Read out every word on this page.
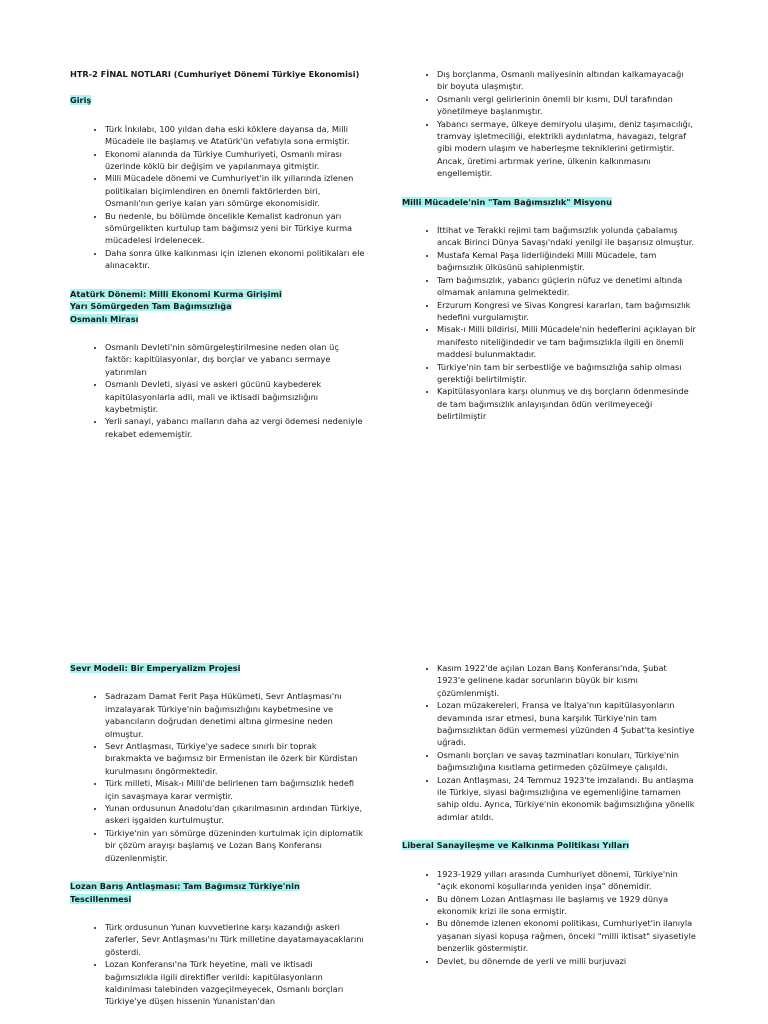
HTR-2 FİNAL NOTLARI (Cumhuriyet Dönemi Türkiye Ekonomisi)
Giriş
• Türk İnkılabı, 100 yıldan daha eski köklere dayansa da, Milli Mücadele ile başlamış ve Atatürk'ün vefatıyla sona ermiştir.
• Ekonomi alanında da Türkiye Cumhuriyeti, Osmanlı mirası üzerinde köklü bir değişim ve yapılanmaya gitmiştir.
• Milli Mücadele dönemi ve Cumhuriyet'in ilk yıllarında izlenen politikaları biçimlendiren en önemli faktörlerden biri, Osmanlı'nın geriye kalan yarı sömürge ekonomisidir.
• Bu nedenle, bu bölümde öncelikle Kemalist kadronun yarı sömürgelikten kurtulup tam bağımsız yeni bir Türkiye kurma mücadelesi irdelenecek.
• Daha sonra ülke kalkınması için izlenen ekonomi politikaları ele alınacaktır.
Atatürk Dönemi: Milli Ekonomi Kurma Girişimi
Yarı Sömürgeden Tam Bağımsızlığa
Osmanlı Mirası
• Osmanlı Devleti'nin sömürgeleştirilmesine neden olan üç faktör: kapitülasyonlar, dış borçlar ve yabancı sermaye yatırımları
• Osmanlı Devleti, siyasi ve askeri gücünü kaybederek kapitülasyonlarla adli, mali ve iktisadi bağımsızlığını kaybetmiştir.
• Yerli sanayi, yabancı malların daha az vergi ödemesi nedeniyle rekabet edememiştir.
• Dış borçlanma, Osmanlı maliyesinin altından kalkamayacağı bir boyuta ulaşmıştır.
• Osmanlı vergi gelirlerinin önemli bir kısmı, DUİ tarafından yönetilmeye başlanmıştır.
• Yabancı sermaye, ülkeye demiryolu ulaşımı, deniz taşımacılığı, tramvay işletmeciliği, elektrikli aydınlatma, havagazı, telgraf gibi modern ulaşım ve haberleşme tekniklerini getirmiştir. Ancak, üretimi artırmak yerine, ülkenin kalkınmasını engellemiştir.
Milli Mücadele'nin "Tam Bağımsızlık" Misyonu
• İttihat ve Terakki rejimi tam bağımsızlık yolunda çabalamış ancak Birinci Dünya Savaşı'ndaki yenilgi ile başarısız olmuştur.
• Mustafa Kemal Paşa liderliğindeki Milli Mücadele, tam bağımsızlık ülküsünü sahiplenmiştir.
• Tam bağımsızlık, yabancı güçlerin nüfuz ve denetimi altında olmamak anlamına gelmektedir.
• Erzurum Kongresi ve Sivas Kongresi kararları, tam bağımsızlık hedefini vurgulamıştır.
• Misak-ı Milli bildirisi, Milli Mücadele'nin hedeflerini açıklayan bir manifesto niteliğindedir ve tam bağımsızlıkla ilgili en önemli maddesi bulunmaktadır.
• Türkiye'nin tam bir serbestliğe ve bağımsızlığa sahip olması gerektiği belirtilmiştir.
• Kapitülasyonlara karşı olunmuş ve dış borçların ödenmesinde de tam bağımsızlık anlayışından ödün verilmeyeceği belirtilmiştir
Sevr Modeli: Bir Emperyalizm Projesi
• Sadrazam Damat Ferit Paşa Hükümeti, Sevr Antlaşması'nı imzalayarak Türkiye'nin bağımsızlığını kaybetmesine ve yabancıların doğrudan denetimi altına girmesine neden olmuştur.
• Sevr Antlaşması, Türkiye'ye sadece sınırlı bir toprak bırakmakta ve bağımsız bir Ermenistan ile özerk bir Kürdistan kurulmasını öngörmektedir.
• Türk milleti, Misak-ı Milli'de belirlenen tam bağımsızlık hedefi için savaşmaya karar vermiştir.
• Yunan ordusunun Anadolu'dan çıkarılmasının ardından Türkiye, askeri işgalden kurtulmuştur.
• Türkiye'nin yarı sömürge düzeninden kurtulmak için diplomatik bir çözüm arayışı başlamış ve Lozan Barış Konferansı düzenlenmiştir.
Lozan Barış Antlaşması: Tam Bağımsız Türkiye'nin
Tescillenmesi
• Türk ordusunun Yunan kuvvetlerine karşı kazandığı askeri zaferler, Sevr Antlaşması'nı Türk milletine dayatamayacaklarını gösterdi.
• Lozan Konferansı'na Türk heyetine, mali ve iktisadi bağımsızlıkla ilgili direktifler verildi: kapitülasyonların kaldırılması talebinden vazgeçilmeyecek, Osmanlı borçları Türkiye'ye düşen hissenin Yunanistan'dan
• Kasım 1922'de açılan Lozan Barış Konferansı'nda, Şubat 1923'e gelinene kadar sorunların büyük bir kısmı çözümlenmişti.
• Lozan müzakereleri, Fransa ve İtalya'nın kapitülasyonların devamında ısrar etmesi, buna karşılık Türkiye'nin tam bağımsızlıktan ödün vermemesi yüzünden 4 Şubat'ta kesintiye uğradı.
• Osmanlı borçları ve savaş tazminatları konuları, Türkiye'nin bağımsızlığına kısıtlama getirmeden çözülmeye çalışıldı.
• Lozan Antlaşması, 24 Temmuz 1923'te imzalandı. Bu antlaşma ile Türkiye, siyasi bağımsızlığına ve egemenliğine tamamen sahip oldu. Ayrıca, Türkiye'nin ekonomik bağımsızlığına yönelik adımlar atıldı.
Liberal Sanayileşme ve Kalkınma Politikası Yılları
• 1923-1929 yılları arasında Cumhuriyet dönemi, Türkiye'nin "açık ekonomi koşullarında yeniden inşa" dönemidir.
• Bu dönem Lozan Antlaşması ile başlamış ve 1929 dünya ekonomik krizi ile sona ermiştir.
• Bu dönemde izlenen ekonomi politikası, Cumhuriyet'in ilanıyla yaşanan siyasi kopuşa rağmen, önceki "milli iktisat" siyasetiyle benzerlik göstermiştir.
• Devlet, bu dönemde de yerli ve milli burjuvazi
